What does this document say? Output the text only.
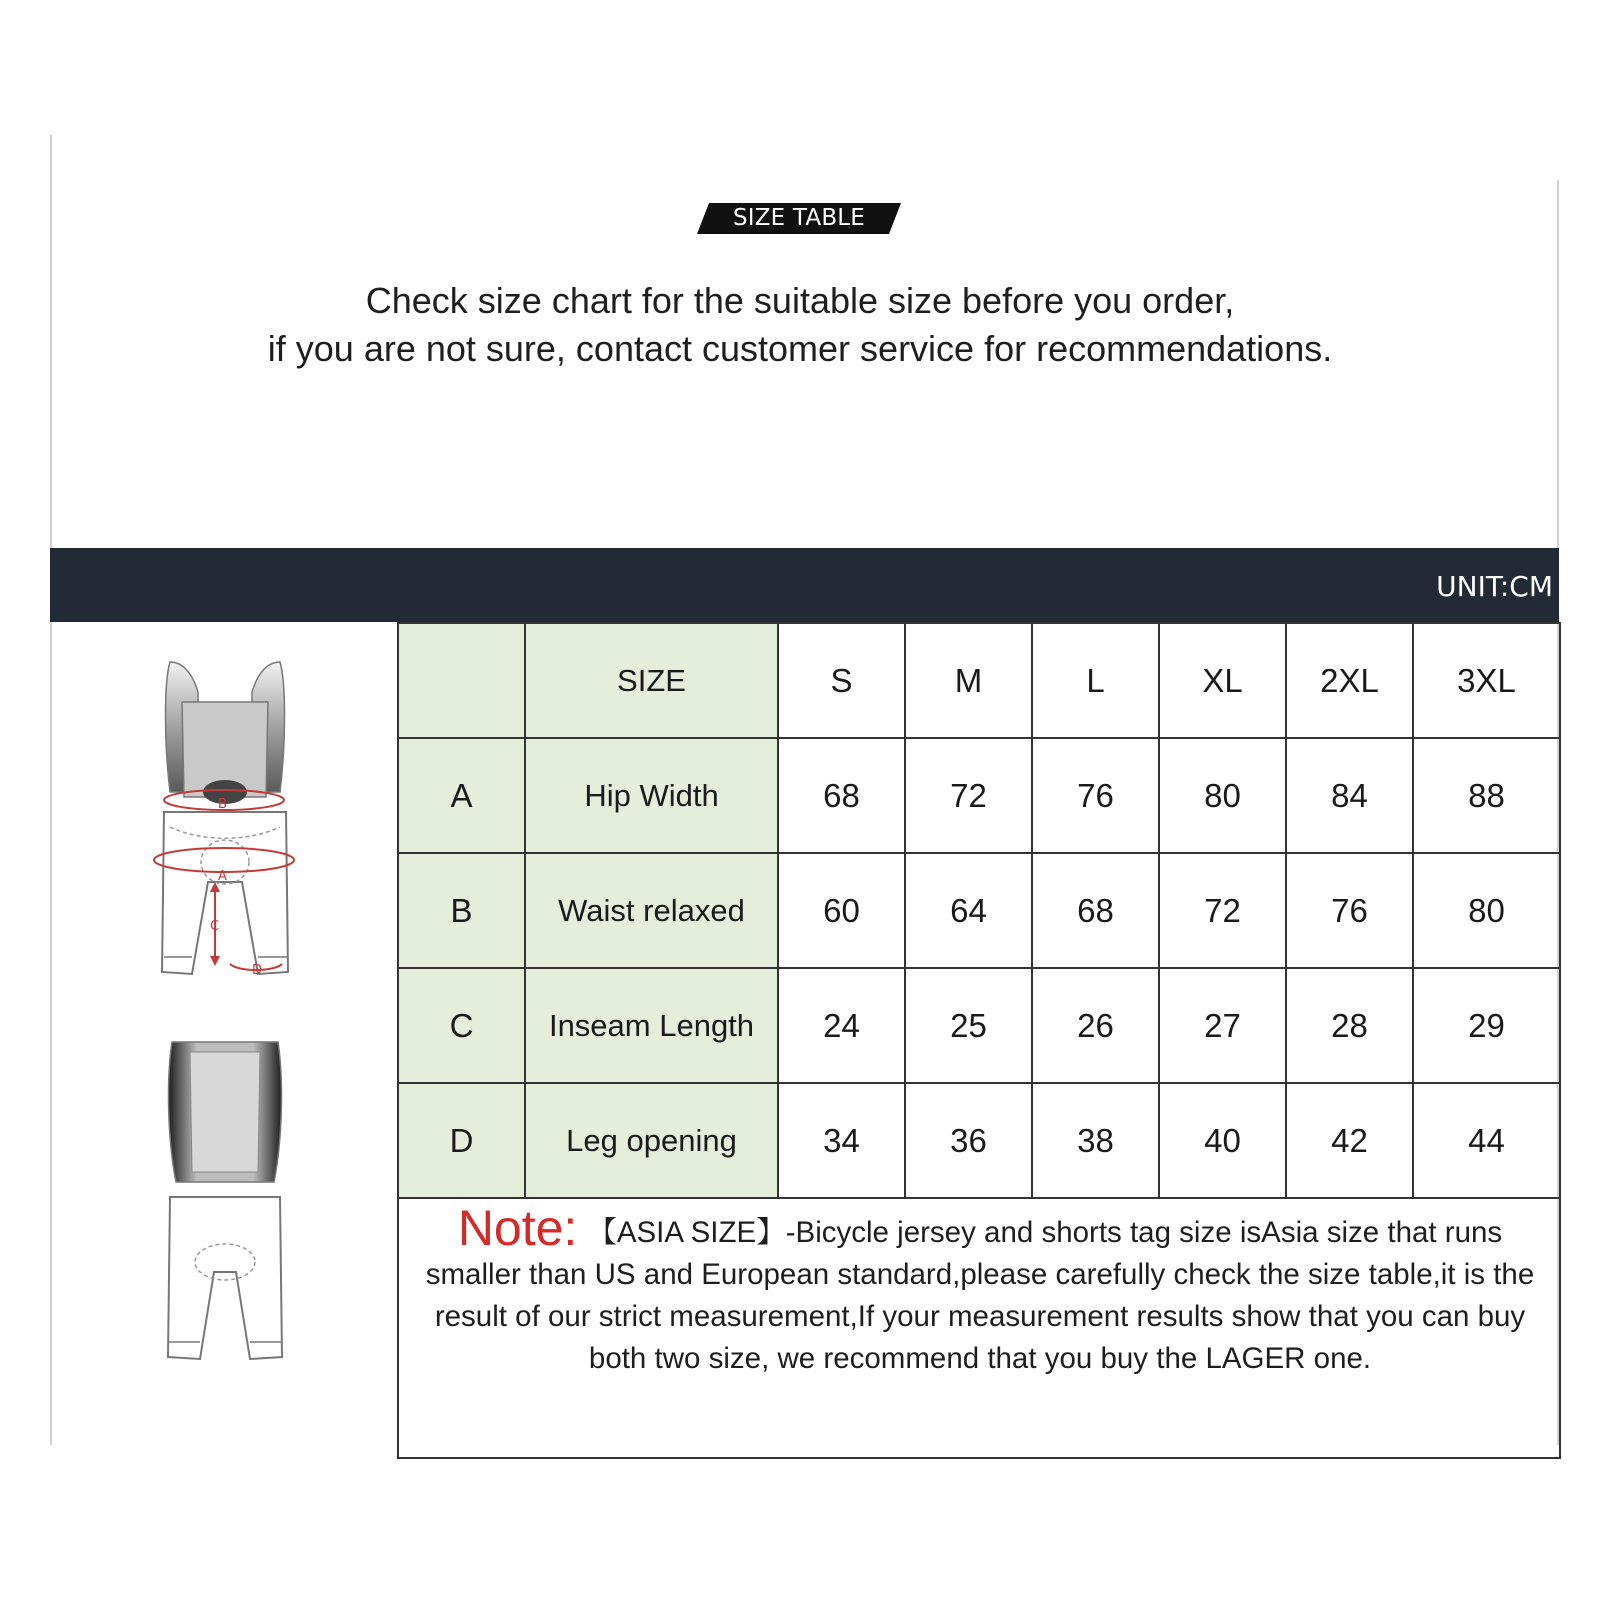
SIZE TABLE
Check size chart for the suitable size before you order,
if you are not sure, contact customer service for recommendations.
UNIT:CM
B
A
C
D
	SIZE	S	M	L	XL	2XL	3XL
A	Hip Width	68	72	76	80	84	88
B	Waist relaxed	60	64	68	72	76	80
C	Inseam Length	24	25	26	27	28	29
D	Leg opening	34	36	38	40	42	44
Note: 【ASIA SIZE】-Bicycle jersey and shorts tag size isAsia size that runs smaller than US and European standard,please carefully check the size table,it is the result of our strict measurement,If your measurement results show that you can buy both two size, we recommend that you buy the LAGER one.							
